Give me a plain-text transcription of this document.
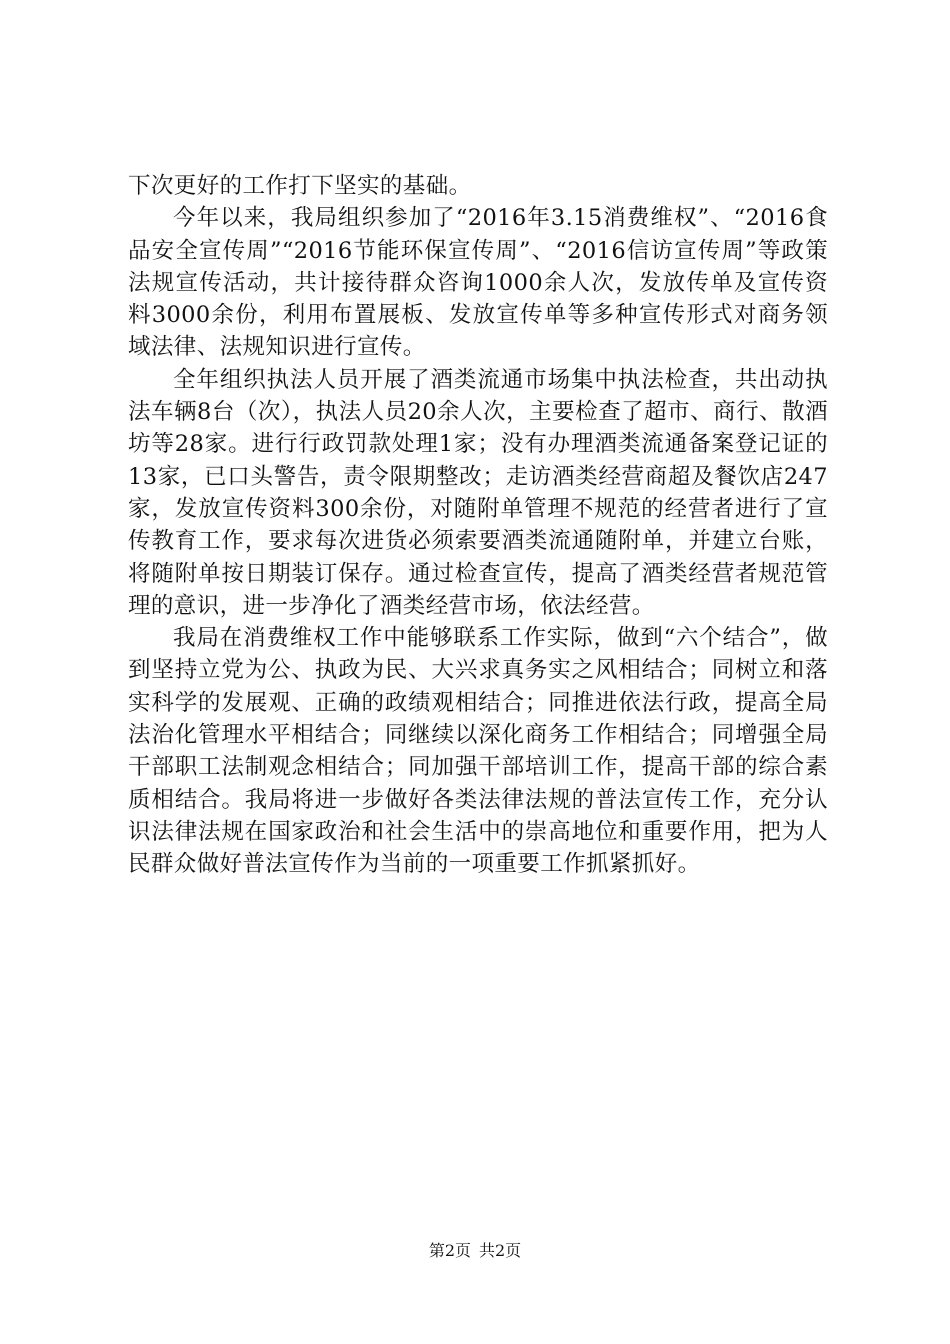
下次更好的工作打下坚实的基础。

今年以来，我局组织参加了“2016年3.15消费维权”、“2016食品安全宣传周”“2016节能环保宣传周”、“2016信访宣传周”等政策法规宣传活动，共计接待群众咨询1000余人次，发放传单及宣传资料3000余份，利用布置展板、发放宣传单等多种宣传形式对商务领域法律、法规知识进行宣传。

全年组织执法人员开展了酒类流通市场集中执法检查，共出动执法车辆8台（次），执法人员20余人次，主要检查了超市、商行、散酒坊等28家。进行行政罚款处理1家；没有办理酒类流通备案登记证的13家，已口头警告，责令限期整改；走访酒类经营商超及餐饮店247家，发放宣传资料300余份，对随附单管理不规范的经营者进行了宣传教育工作，要求每次进货必须索要酒类流通随附单，并建立台账，将随附单按日期装订保存。通过检查宣传，提高了酒类经营者规范管理的意识，进一步净化了酒类经营市场，依法经营。

我局在消费维权工作中能够联系工作实际，做到“六个结合”，做到坚持立党为公、执政为民、大兴求真务实之风相结合；同树立和落实科学的发展观、正确的政绩观相结合；同推进依法行政，提高全局法治化管理水平相结合；同继续以深化商务工作相结合；同增强全局干部职工法制观念相结合；同加强干部培训工作，提高干部的综合素质相结合。我局将进一步做好各类法律法规的普法宣传工作，充分认识法律法规在国家政治和社会生活中的崇高地位和重要作用，把为人民群众做好普法宣传作为当前的一项重要工作抓紧抓好。

第2页 共2页
